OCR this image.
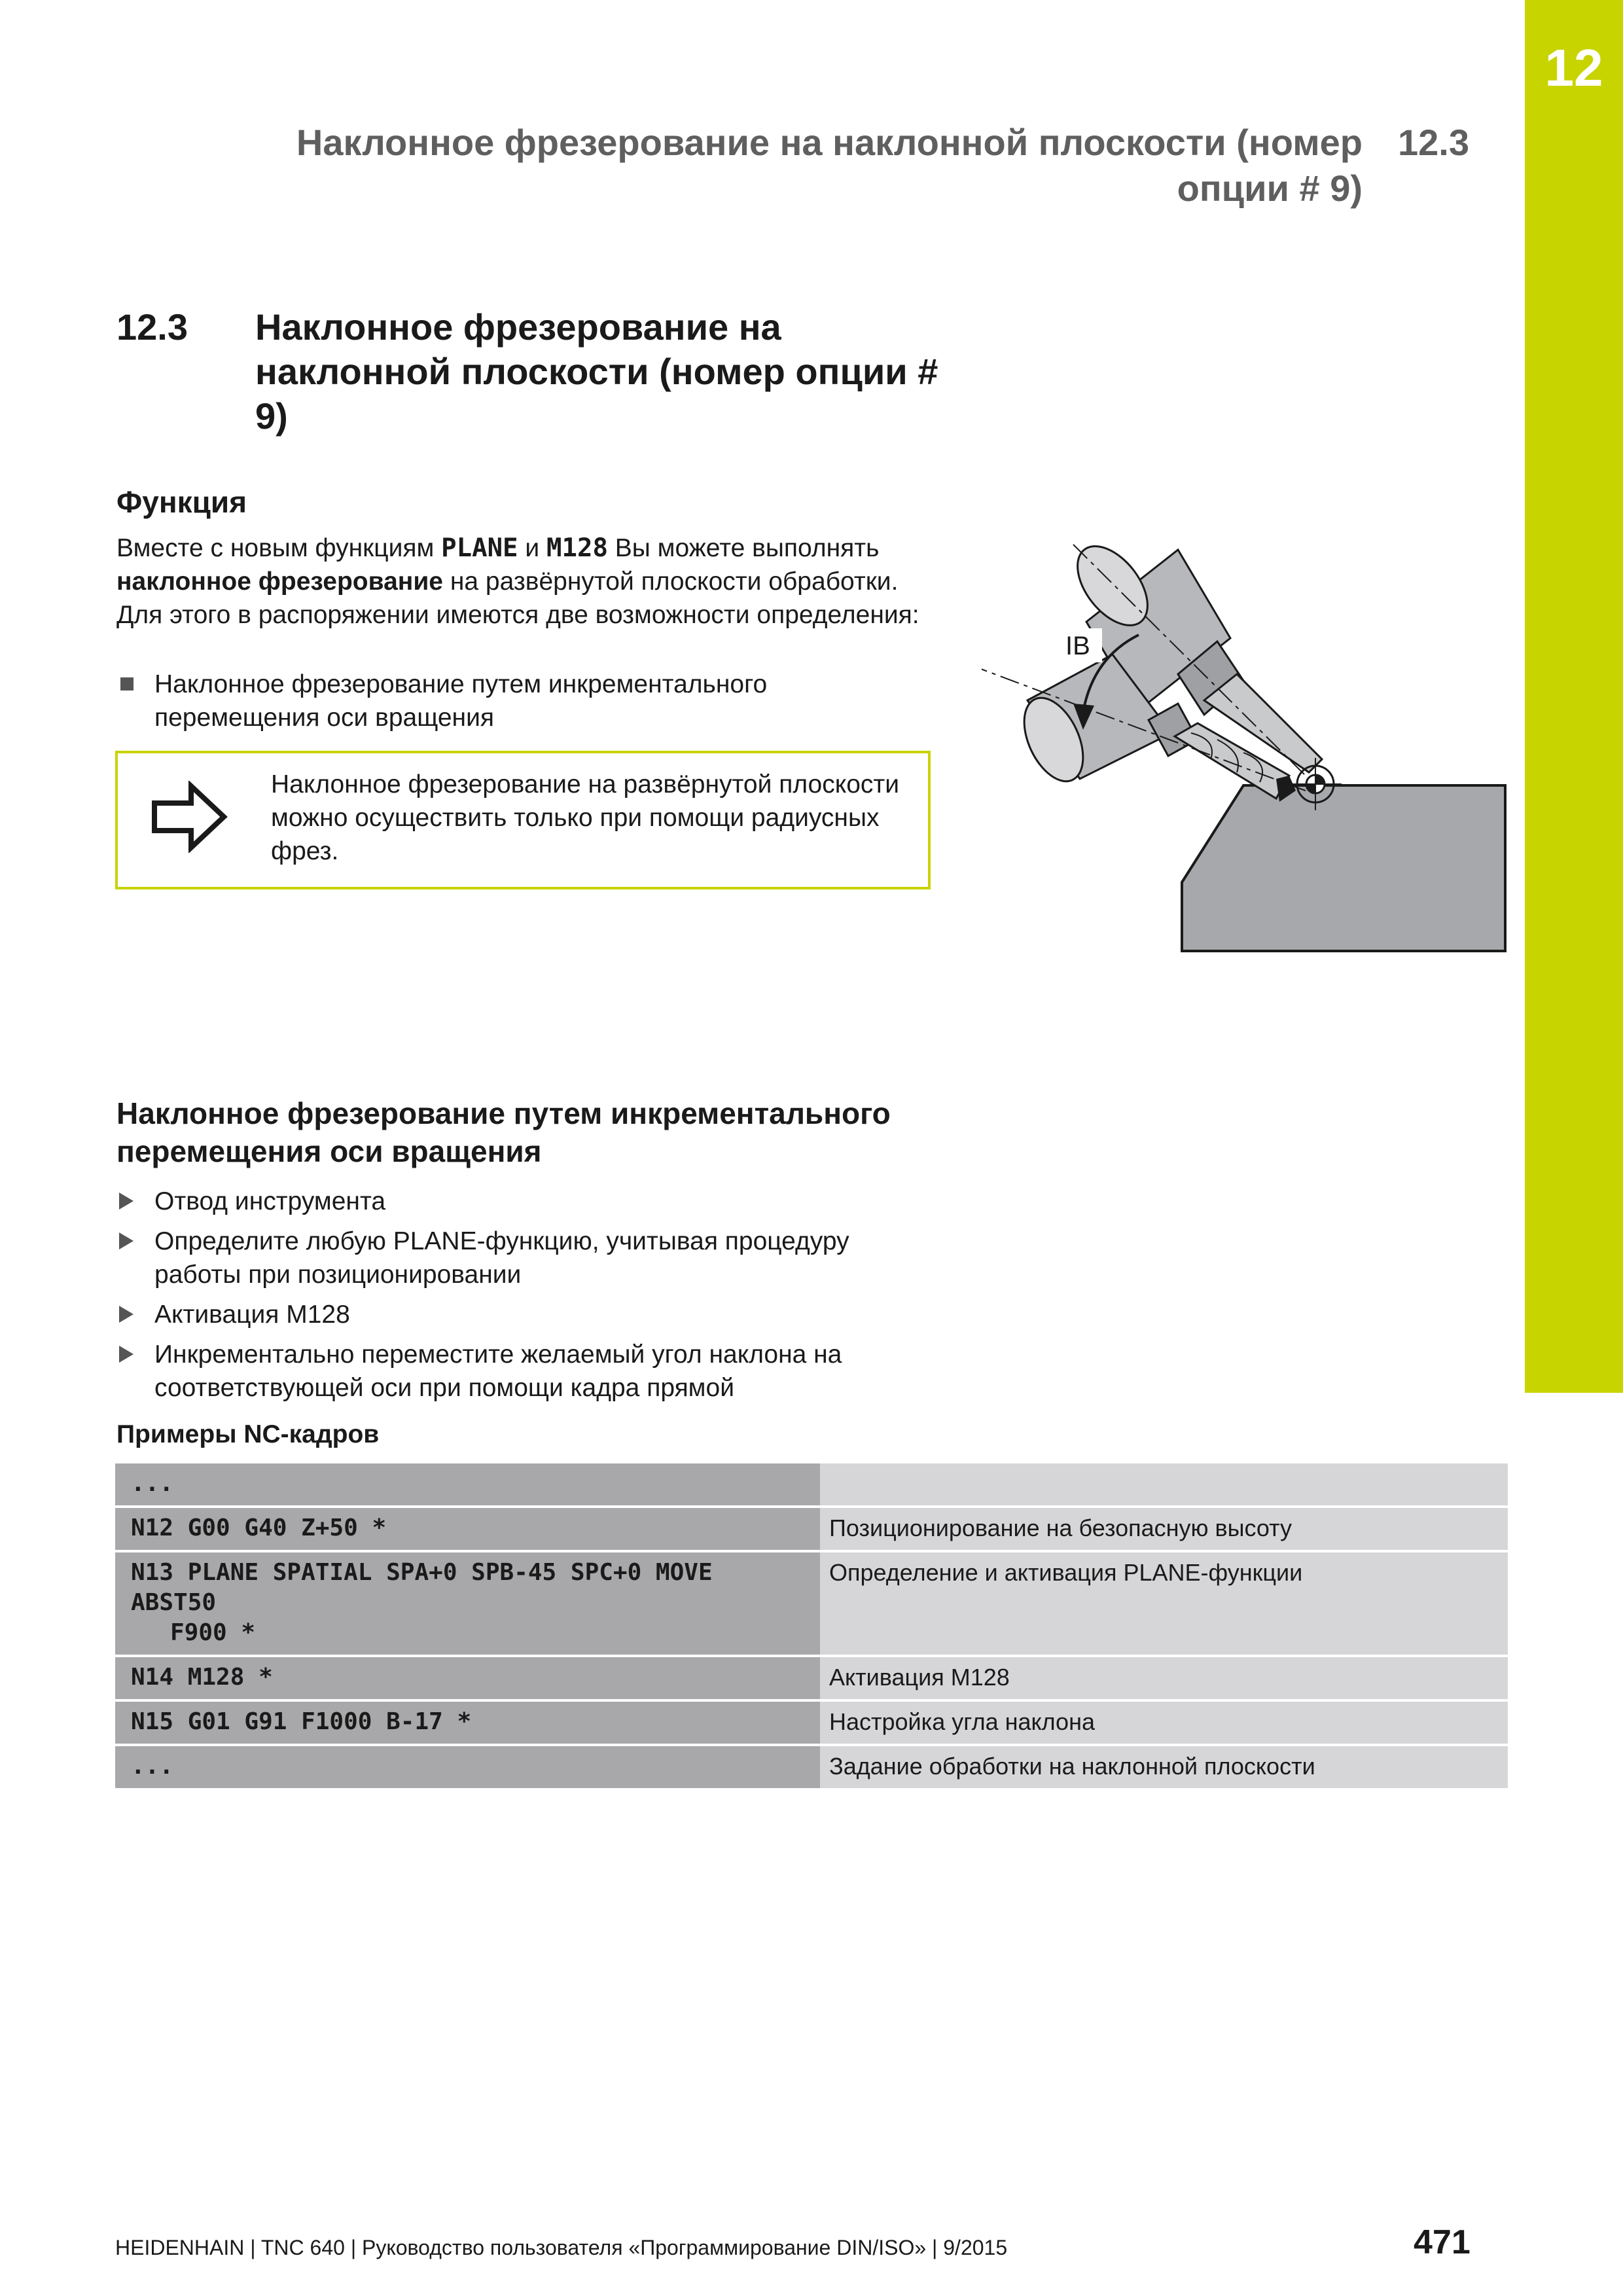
12
Наклонное фрезерование на наклонной плоскости (номер
опции # 9)
12.3
12.3 Наклонное фрезерование на наклонной плоскости (номер опции # 9)
Функция
Вместе с новым функциям PLANE и M128 Вы можете выполнять наклонное фрезерование на развёрнутой плоскости обработки. Для этого в распоряжении имеются две возможности определения:
Наклонное фрезерование путем инкрементального перемещения оси вращения
Наклонное фрезерование на развёрнутой плоскости можно осуществить только при помощи радиусных фрез.
IB
Наклонное фрезерование путем инкрементального перемещения оси вращения
Отвод инструмента
Определите любую PLANE-функцию, учитывая процедуру работы при позиционировании
Активация M128
Инкрементально переместите желаемый угол наклона на соответствующей оси при помощи кадра прямой
Примеры NC-кадров
...	
N12 G00 G40 Z+50 *	Позиционирование на безопасную высоту

N13 PLANE SPATIAL SPA+0 SPB-45 SPC+0 MOVE ABST50
F900 *	Определение и активация PLANE-функции
N14 M128 *	Активация M128
N15 G01 G91 F1000 B-17 *	Настройка угла наклона
...	Задание обработки на наклонной плоскости
HEIDENHAIN | TNC 640 | Руководство пользователя «Программирование DIN/ISO» | 9/2015	471
